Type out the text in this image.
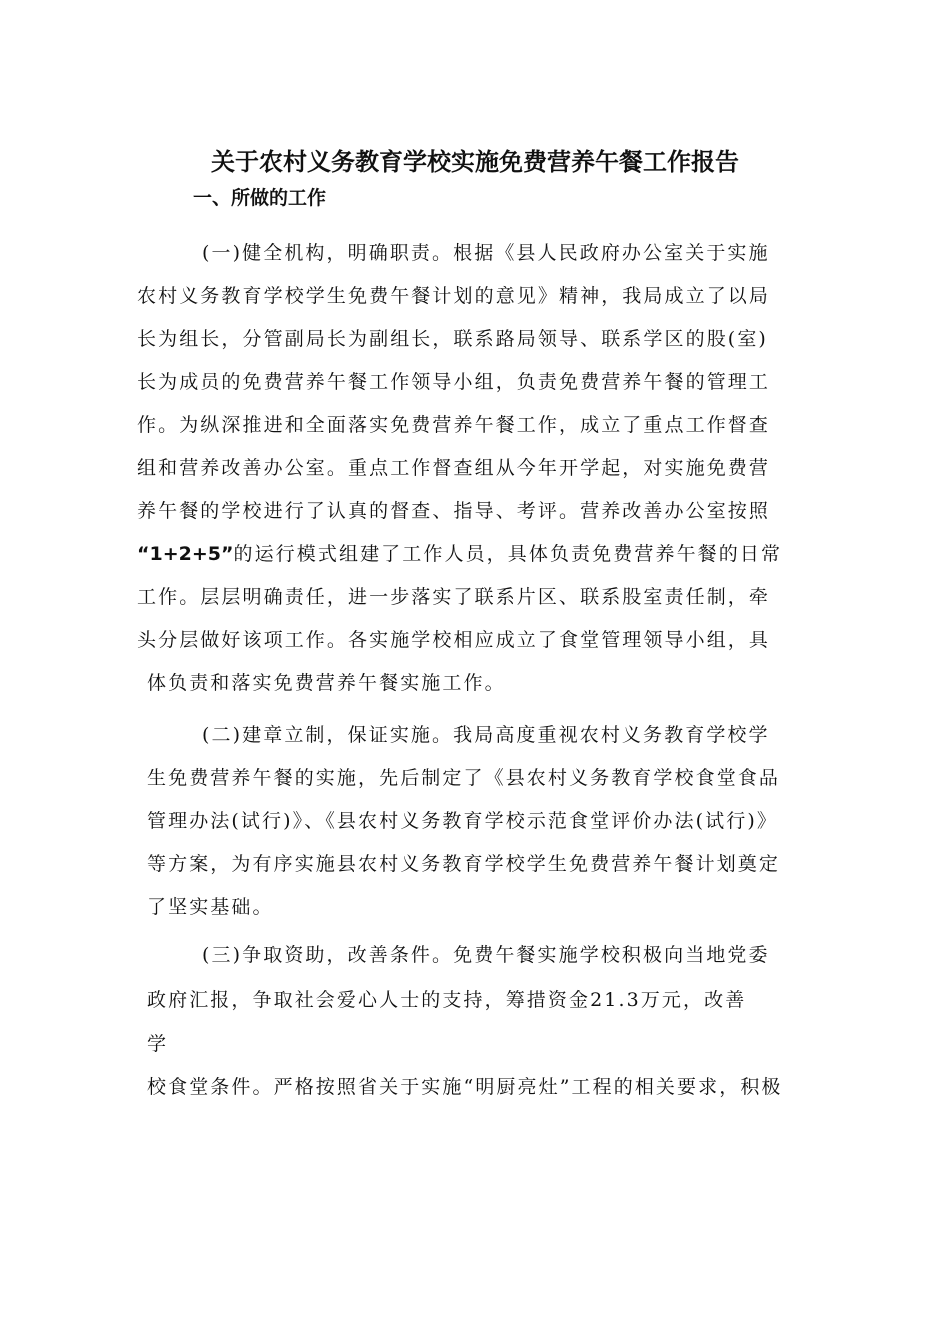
关于农村义务教育学校实施免费营养午餐工作报告
一、所做的工作
(一)健全机构，明确职责。根据《县人民政府办公室关于实施
农村义务教育学校学生免费午餐计划的意见》精神，我局成立了以局
长为组长，分管副局长为副组长，联系路局领导、联系学区的股(室)
长为成员的免费营养午餐工作领导小组，负责免费营养午餐的管理工
作。为纵深推进和全面落实免费营养午餐工作，成立了重点工作督查
组和营养改善办公室。重点工作督查组从今年开学起，对实施免费营
养午餐的学校进行了认真的督查、指导、考评。营养改善办公室按照
“1+2+5”的运行模式组建了工作人员，具体负责免费营养午餐的日常
工作。层层明确责任，进一步落实了联系片区、联系股室责任制，牵
头分层做好该项工作。各实施学校相应成立了食堂管理领导小组，具
体负责和落实免费营养午餐实施工作。
(二)建章立制，保证实施。我局高度重视农村义务教育学校学
生免费营养午餐的实施，先后制定了《县农村义务教育学校食堂食品
管理办法(试行)》、《县农村义务教育学校示范食堂评价办法(试行)》
等方案，为有序实施县农村义务教育学校学生免费营养午餐计划奠定
了坚实基础。
(三)争取资助，改善条件。免费午餐实施学校积极向当地党委
政府汇报，争取社会爱心人士的支持，筹措资金21.3万元，改善
学
校食堂条件。严格按照省关于实施“明厨亮灶”工程的相关要求，积极
